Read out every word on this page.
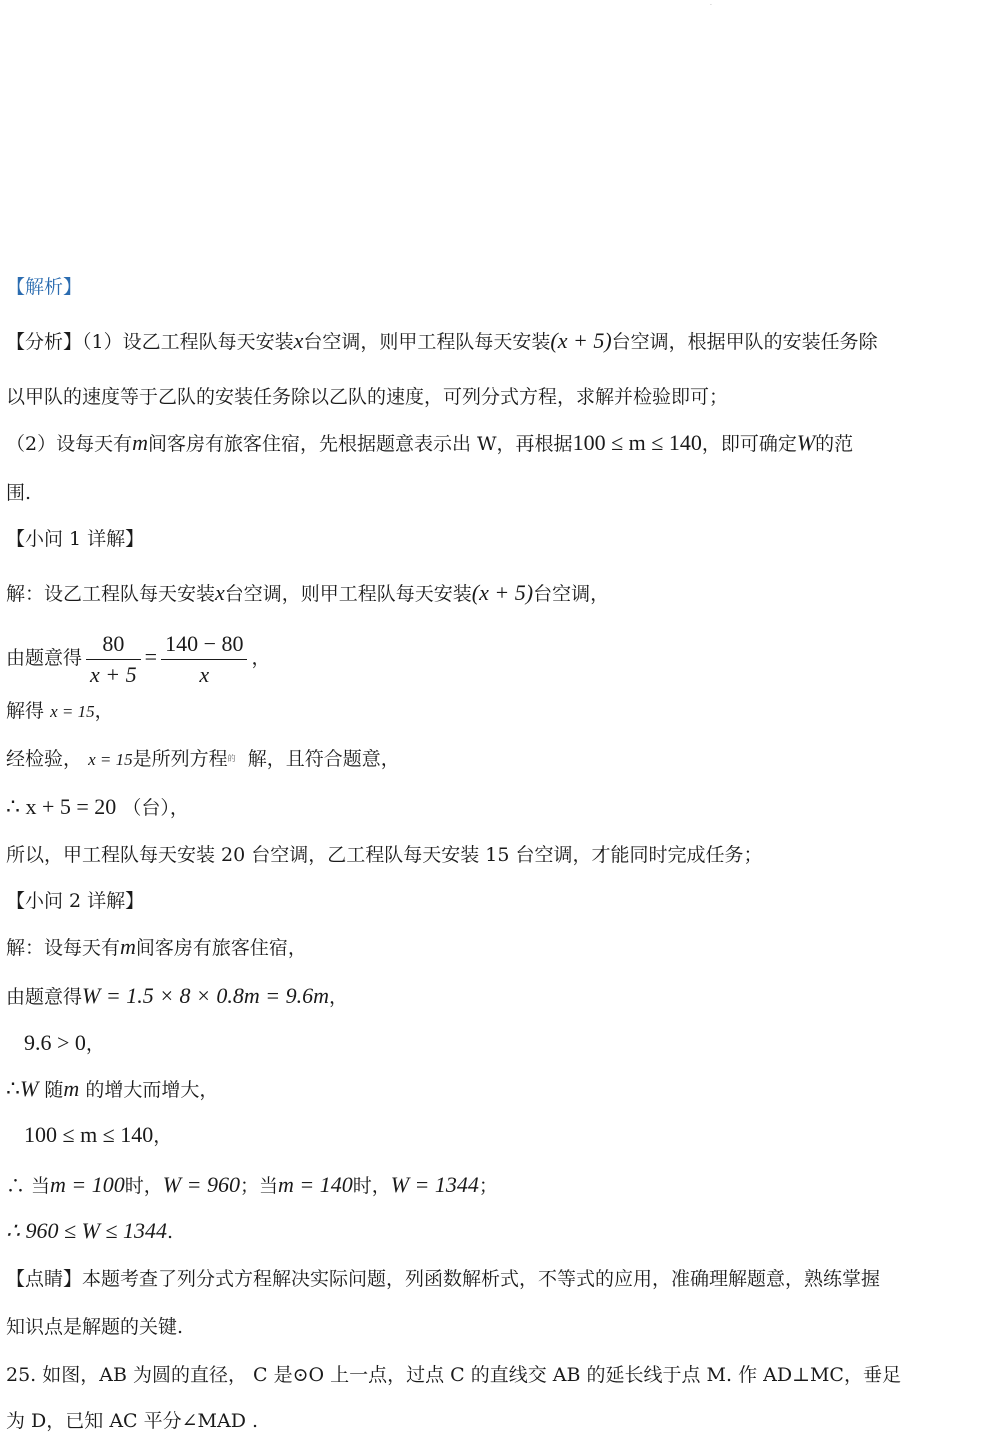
·
【解析】
【分析】（1）设乙工程队每天安装x台空调，则甲工程队每天安装(x + 5)台空调，根据甲队的安装任务除
以甲队的速度等于乙队的安装任务除以乙队的速度，可列分式方程，求解并检验即可；
（2）设每天有m间客房有旅客住宿，先根据题意表示出 W，再根据100 ≤ m ≤ 140，即可确定W的范
围.
【小问 1 详解】
解：设乙工程队每天安装x台空调，则甲工程队每天安装(x + 5)台空调，
由题意得 $\frac{80}{x + 5} = \frac{140 - 80}{x}$ ，
解得 x = 15，
经检验， x = 15是所列方程$^的$ 解，且符合题意，
∴ x + 5 = 20 （台），
所以，甲工程队每天安装 20 台空调，乙工程队每天安装 15 台空调，才能同时完成任务；
【小问 2 详解】
解：设每天有m间客房有旅客住宿，
由题意得W = 1.5 × 8 × 0.8m = 9.6m，
9.6 > 0，
∴W 随m 的增大而增大，
100 ≤ m ≤ 140，
∴ 当m = 100时，W = 960；当m = 140时，W = 1344；
∴ 960 ≤ W ≤ 1344.
【点睛】本题考查了列分式方程解决实际问题，列函数解析式，不等式的应用，准确理解题意，熟练掌握
知识点是解题的关键.
25. 如图，AB 为圆的直径， C 是⊙O 上一点，过点 C 的直线交 AB 的延长线于点 M. 作 AD⊥MC，垂足
为 D，已知 AC 平分∠MAD .
